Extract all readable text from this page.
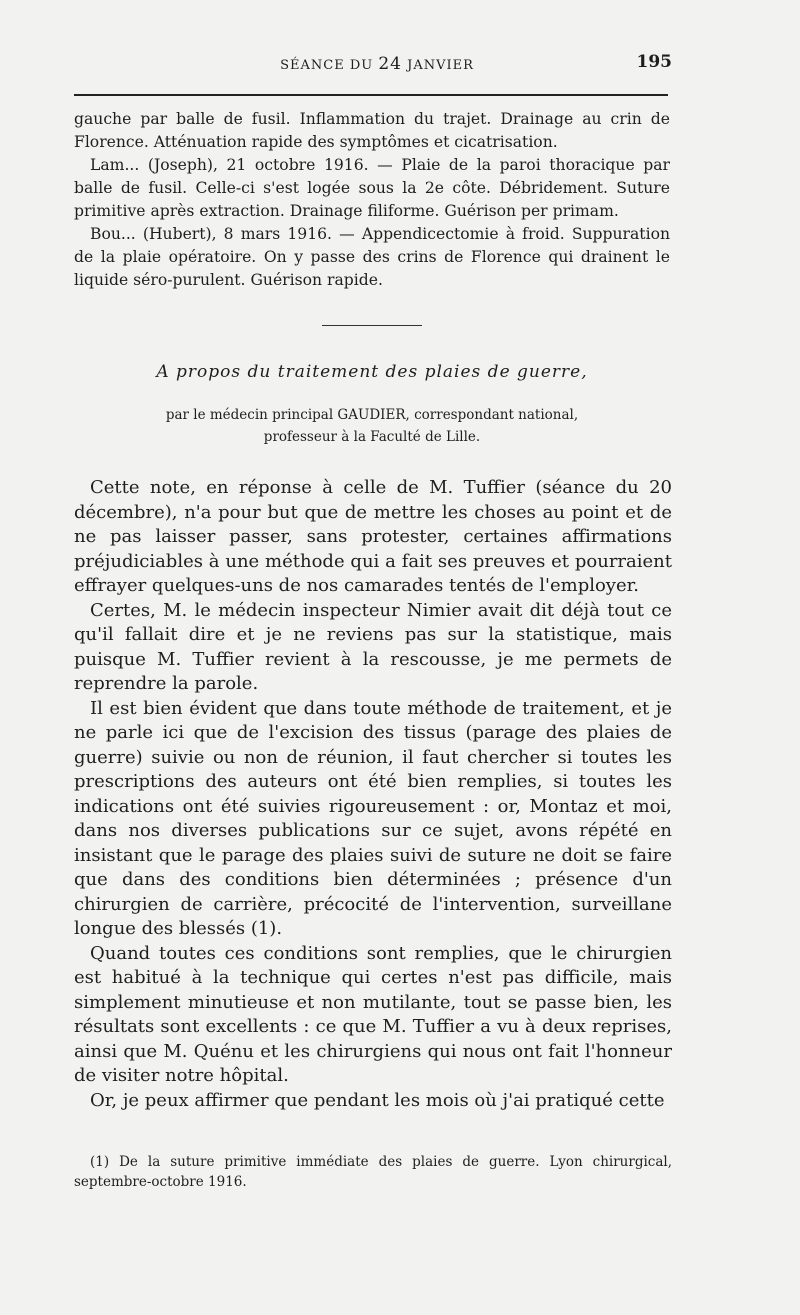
SÉANCE DU 24 JANVIER	195

gauche par balle de fusil. Inflammation du trajet. Drainage au crin de Florence. Atténuation rapide des symptômes et cicatrisation.

Lam... (Joseph), 21 octobre 1916. — Plaie de la paroi thoracique par balle de fusil. Celle-ci s'est logée sous la 2e côte. Débridement. Suture primitive après extraction. Drainage filiforme. Guérison per primam.

Bou... (Hubert), 8 mars 1916. — Appendicectomie à froid. Suppuration de la plaie opératoire. On y passe des crins de Florence qui drainent le liquide séro-purulent. Guérison rapide.

A propos du traitement des plaies de guerre,
par le médecin principal GAUDIER, correspondant national,
professeur à la Faculté de Lille.

Cette note, en réponse à celle de M. Tuffier (séance du 20 décembre), n'a pour but que de mettre les choses au point et de ne pas laisser passer, sans protester, certaines affirmations préjudiciables à une méthode qui a fait ses preuves et pourraient effrayer quelques-uns de nos camarades tentés de l'employer.

Certes, M. le médecin inspecteur Nimier avait dit déjà tout ce qu'il fallait dire et je ne reviens pas sur la statistique, mais puisque M. Tuffier revient à la rescousse, je me permets de reprendre la parole.

Il est bien évident que dans toute méthode de traitement, et je ne parle ici que de l'excision des tissus (parage des plaies de guerre) suivie ou non de réunion, il faut chercher si toutes les prescriptions des auteurs ont été bien remplies, si toutes les indications ont été suivies rigoureusement : or, Montaz et moi, dans nos diverses publications sur ce sujet, avons répété en insistant que le parage des plaies suivi de suture ne doit se faire que dans des conditions bien déterminées ; présence d'un chirurgien de carrière, précocité de l'intervention, surveillane longue des blessés (1).

Quand toutes ces conditions sont remplies, que le chirurgien est habitué à la technique qui certes n'est pas difficile, mais simplement minutieuse et non mutilante, tout se passe bien, les résultats sont excellents : ce que M. Tuffier a vu à deux reprises, ainsi que M. Quénu et les chirurgiens qui nous ont fait l'honneur de visiter notre hôpital.

Or, je peux affirmer que pendant les mois où j'ai pratiqué cette

(1) De la suture primitive immédiate des plaies de guerre. Lyon chirurgical, septembre-octobre 1916.
